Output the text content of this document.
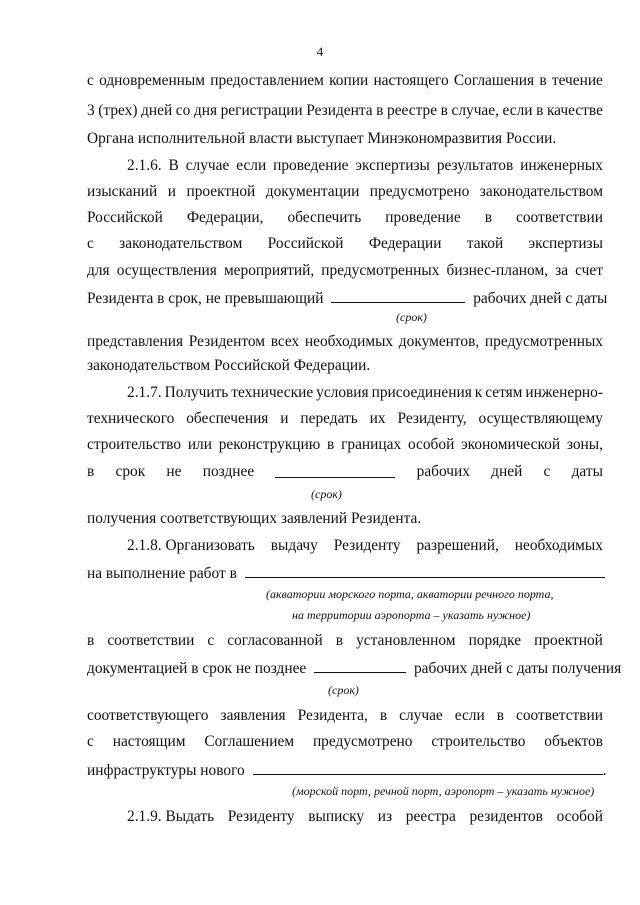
4
с одновременным предоставлением копии настоящего Соглашения в течение
3 (трех) дней со дня регистрации Резидента в реестре в случае, если в качестве
Органа исполнительной власти выступает Минэкономразвития России.
2.1.6. В случае если проведение экспертизы результатов инженерных
изысканий и проектной документации предусмотрено законодательством
Российской Федерации, обеспечить проведение в соответствии
с законодательством Российской Федерации такой экспертизы
для осуществления мероприятий, предусмотренных бизнес-планом, за счет
Резидента в срок, не превышающий	рабочих дней с даты
(срок)
представления Резидентом всех необходимых документов, предусмотренных
законодательством Российской Федерации.
2.1.7. Получить технические условия присоединения к сетям инженерно-
технического обеспечения и передать их Резиденту, осуществляющему
строительство или реконструкцию в границах особой экономической зоны,
в срок не позднее	рабочих дней с даты
(срок)
получения соответствующих заявлений Резидента.
2.1.8. Организовать выдачу Резиденту разрешений, необходимых
на выполнение работ в
(акватории морского порта, акватории речного порта,
на территории аэропорта – указать нужное)
в соответствии с согласованной в установленном порядке проектной
документацией в срок не позднее	рабочих дней с даты получения
(срок)
соответствующего заявления Резидента, в случае если в соответствии
с настоящим Соглашением предусмотрено строительство объектов
инфраструктуры нового	.
(морской порт, речной порт, аэропорт – указать нужное)
2.1.9. Выдать Резиденту выписку из реестра резидентов особой
